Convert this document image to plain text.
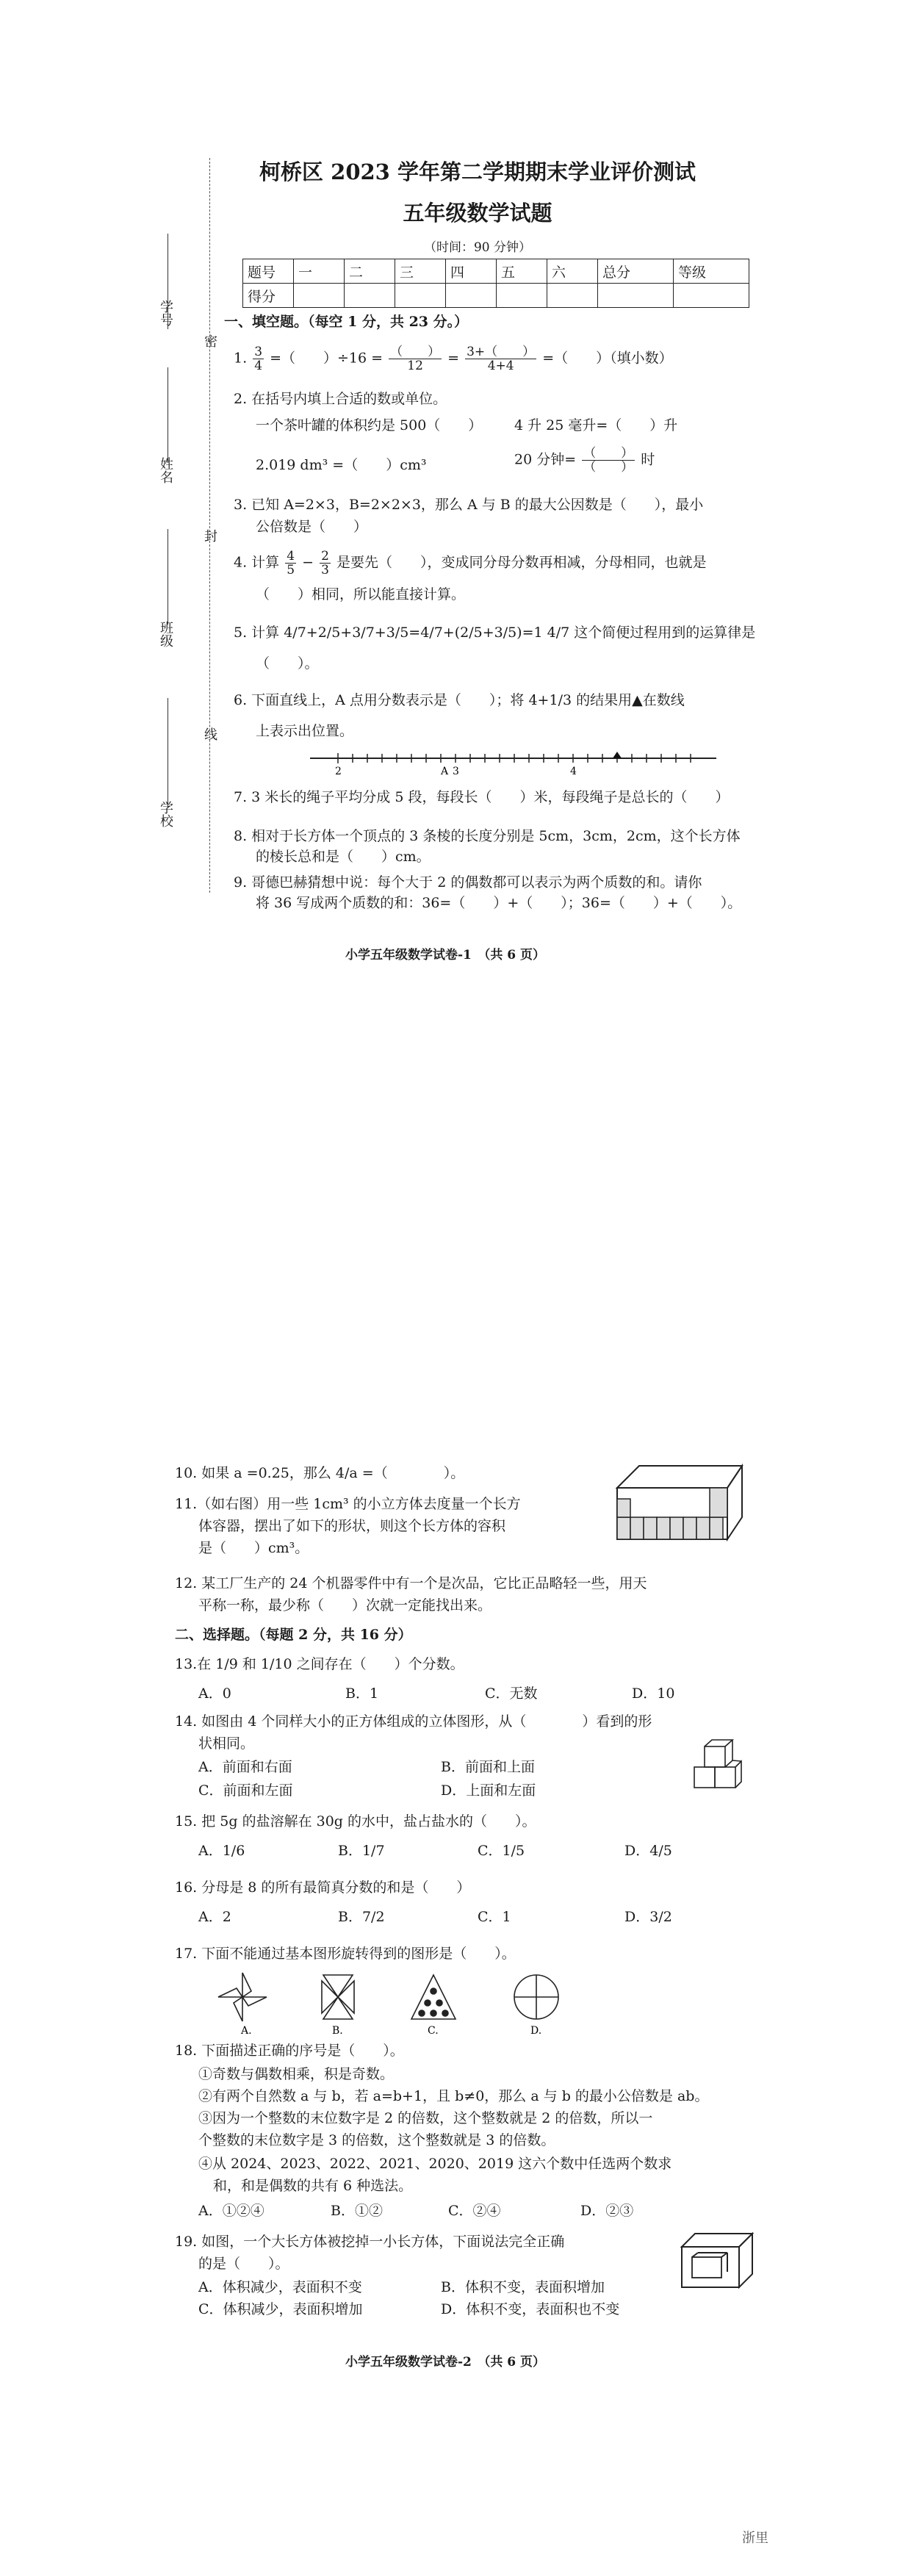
密
封
线
学号
姓名
班级
学校
柯桥区 2023 学年第二学期期末学业评价测试
五年级数学试题
（时间：90 分钟）
题号	一	二	三	四	五	六	总分	等级
得分								
一、填空题。（每空 1 分，共 23 分。）
1. $\frac{3}{4}$ =（　　）$\div 16 = \frac{( )}{12} = \frac{3+( )}{4+4}$ =（　　）（填小数）
2. 在括号内填上合适的数或单位。
一个茶叶罐的体积约是 500（　　） 4 升 25 毫升=（　　）升
2.019 dm³ =（　　）cm³	20 分钟= $\frac{( )}{( )}$ 时
3. 已知 A=2×3，B=2×2×3，那么 A 与 B 的最大公因数是（　　），最小
公倍数是（　　）
4. 计算 $\frac{4}{5} - \frac{2}{3}$ 是要先（　　），变成同分母分数再相减，分母相同，也就是
（　　）相同，所以能直接计算。
5. 计算 4/7+2/5+3/7+3/5=4/7+(2/5+3/5)=1 4/7 这个简便过程用到的运算律是
（　　）。
6. 下面直线上，A 点用分数表示是（　　）；将 4+1/3 的结果用▲在数线
上表示出位置。
2	A 3	4
7. 3 米长的绳子平均分成 5 段，每段长（　　）米，每段绳子是总长的（　　）
8. 相对于长方体一个顶点的 3 条棱的长度分别是 5cm，3cm，2cm，这个长方体
的棱长总和是（　　）cm。
9. 哥德巴赫猜想中说：每个大于 2 的偶数都可以表示为两个质数的和。请你
将 36 写成两个质数的和：36=（　　）+（　　）；36=（　　）+（　　）。
小学五年级数学试卷-1　（共 6 页）
10. 如果 a =0.25，那么 4/a =（　　　　）。
11.（如右图）用一些 1cm³ 的小立方体去度量一个长方
体容器，摆出了如下的形状，则这个长方体的容积
是（　　）cm³。
12. 某工厂生产的 24 个机器零件中有一个是次品，它比正品略轻一些，用天
平称一称，最少称（　　）次就一定能找出来。
二、选择题。（每题 2 分，共 16 分）
13.在 1/9 和 1/10 之间存在（　　）个分数。
A．0	B．1	C．无数	D．10
14. 如图由 4 个同样大小的正方体组成的立体图形，从（　　　　）看到的形
状相同。
A．前面和右面	B．前面和上面
C．前面和左面	D．上面和左面
15. 把 5g 的盐溶解在 30g 的水中，盐占盐水的（　　）。
A．1/6	B．1/7	C．1/5	D．4/5
16. 分母是 8 的所有最简真分数的和是（　　）
A．2	B．7/2	C．1	D．3/2
17. 下面不能通过基本图形旋转得到的图形是（　　）。
A.	B.	C.	D.
18. 下面描述正确的序号是（　　）。
①奇数与偶数相乘，积是奇数。
②有两个自然数 a 与 b，若 a=b+1，且 b≠0，那么 a 与 b 的最小公倍数是 ab。
③因为一个整数的末位数字是 2 的倍数，这个整数就是 2 的倍数，所以一
个整数的末位数字是 3 的倍数，这个整数就是 3 的倍数。
④从 2024、2023、2022、2021、2020、2019 这六个数中任选两个数求
和，和是偶数的共有 6 种选法。
A．①②④	B．①②	C．②④	D．②③
19. 如图，一个大长方体被挖掉一小长方体，下面说法完全正确
的是（　　）。
A．体积减少，表面积不变	B．体积不变，表面积增加
C．体积减少，表面积增加	D．体积不变，表面积也不变
小学五年级数学试卷-2　（共 6 页）
浙里
